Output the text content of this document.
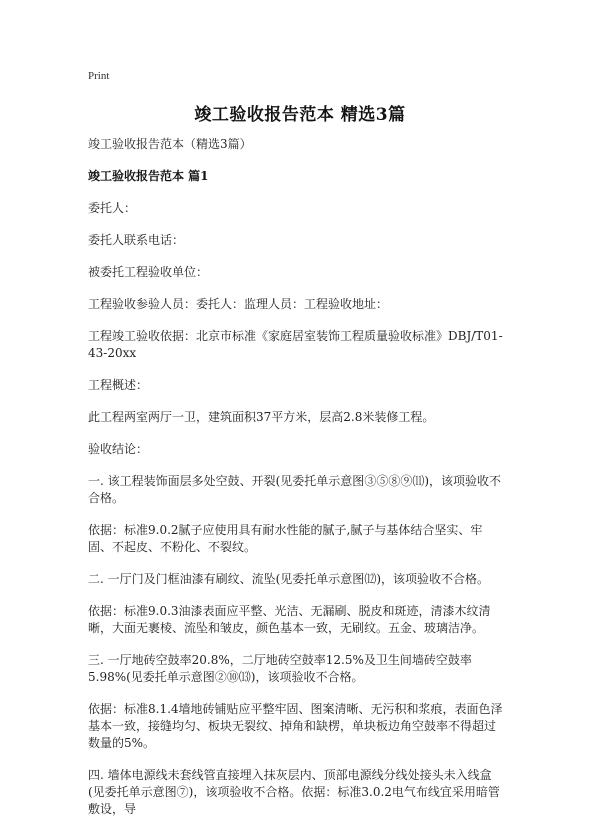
Print
竣工验收报告范本 精选3篇

竣工验收报告范本（精选3篇）

竣工验收报告范本 篇1

委托人：

委托人联系电话：

被委托工程验收单位：

工程验收参验人员：委托人：监理人员：工程验收地址：

工程竣工验收依据：北京市标准《家庭居室装饰工程质量验收标准》DBJ/T01-43-20xx

工程概述：

此工程两室两厅一卫，建筑面积37平方米，层高2.8米装修工程。

验收结论：

一. 该工程装饰面层多处空鼓、开裂(见委托单示意图③⑤⑧⑨⑾)，该项验收不合格。

依据：标准9.0.2腻子应使用具有耐水性能的腻子,腻子与基体结合坚实、牢固、不起皮、不粉化、不裂纹。

二. 一厅门及门框油漆有刷纹、流坠(见委托单示意图⑿)，该项验收不合格。

依据：标准9.0.3油漆表面应平整、光洁、无漏刷、脱皮和斑迹，清漆木纹清晰，大面无裹棱、流坠和皱皮，颜色基本一致，无刷纹。五金、玻璃洁净。

三. 一厅地砖空鼓率20.8%，二厅地砖空鼓率12.5%及卫生间墙砖空鼓率5.98%(见委托单示意图②⑩⒀)，该项验收不合格。

依据：标准8.1.4墙地砖铺贴应平整牢固、图案清晰、无污积和浆痕，表面色泽基本一致，接缝均匀、板块无裂纹、掉角和缺楞，单块板边角空鼓率不得超过数量的5%。

四. 墙体电源线未套线管直接埋入抹灰层内、顶部电源线分线处接头未入线盒(见委托单示意图⑦)，该项验收不合格。依据：标准3.0.2电气布线宜采用暗管敷设，导
